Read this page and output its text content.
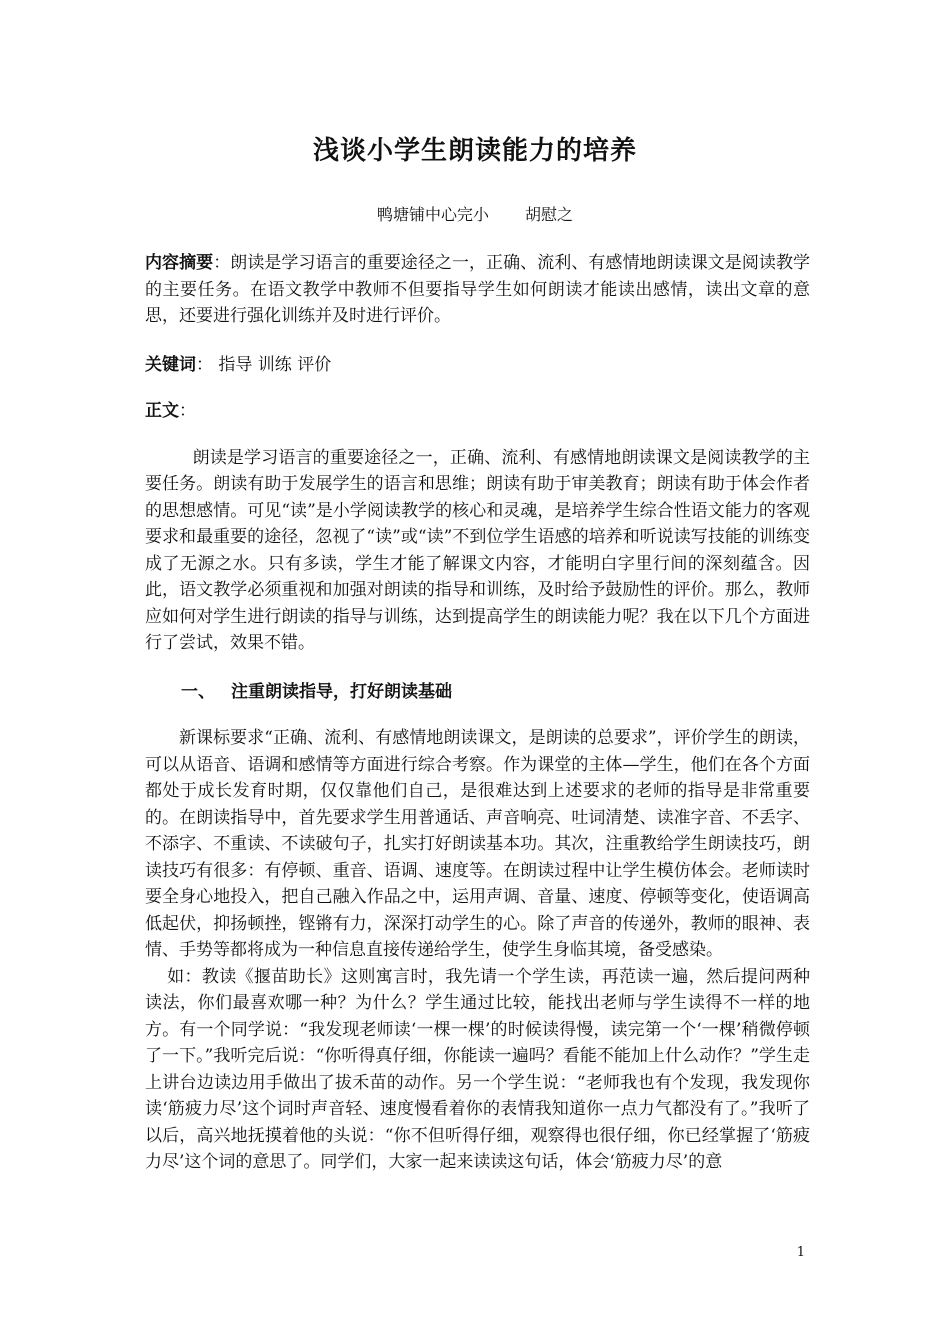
浅谈小学生朗读能力的培养
鸭塘铺中心完小 胡慰之

内容摘要：朗读是学习语言的重要途径之一，正确、流利、有感情地朗读课文是阅读教学的主要任务。在语文教学中教师不但要指导学生如何朗读才能读出感情，读出文章的意思，还要进行强化训练并及时进行评价。

关键词： 指导 训练 评价

正文：

朗读是学习语言的重要途径之一，正确、流利、有感情地朗读课文是阅读教学的主要任务。朗读有助于发展学生的语言和思维；朗读有助于审美教育；朗读有助于体会作者的思想感情。可见“读”是小学阅读教学的核心和灵魂，是培养学生综合性语文能力的客观要求和最重要的途径，忽视了“读”或“读”不到位学生语感的培养和听说读写技能的训练变成了无源之水。只有多读，学生才能了解课文内容，才能明白字里行间的深刻蕴含。因此，语文教学必须重视和加强对朗读的指导和训练，及时给予鼓励性的评价。那么，教师应如何对学生进行朗读的指导与训练，达到提高学生的朗读能力呢？我在以下几个方面进行了尝试，效果不错。

一、 注重朗读指导，打好朗读基础

新课标要求“正确、流利、有感情地朗读课文，是朗读的总要求”，评价学生的朗读，可以从语音、语调和感情等方面进行综合考察。作为课堂的主体—学生，他们在各个方面都处于成长发育时期，仅仅靠他们自己，是很难达到上述要求的老师的指导是非常重要的。在朗读指导中，首先要求学生用普通话、声音响亮、吐词清楚、读准字音、不丢字、不添字、不重读、不读破句子，扎实打好朗读基本功。其次，注重教给学生朗读技巧，朗读技巧有很多：有停顿、重音、语调、速度等。在朗读过程中让学生模仿体会。老师读时要全身心地投入，把自己融入作品之中，运用声调、音量、速度、停顿等变化，使语调高低起伏，抑扬顿挫，铿锵有力，深深打动学生的心。除了声音的传递外，教师的眼神、表情、手势等都将成为一种信息直接传递给学生，使学生身临其境，备受感染。

如：教读《揠苗助长》这则寓言时，我先请一个学生读，再范读一遍，然后提问两种读法，你们最喜欢哪一种？为什么？学生通过比较，能找出老师与学生读得不一样的地方。有一个同学说：“我发现老师读‘一棵一棵’的时候读得慢，读完第一个‘一棵’稍微停顿了一下。”我听完后说：“你听得真仔细，你能读一遍吗？看能不能加上什么动作？”学生走上讲台边读边用手做出了拔禾苗的动作。另一个学生说：“老师我也有个发现，我发现你读‘筋疲力尽’这个词时声音轻、速度慢看着你的表情我知道你一点力气都没有了。”我听了以后，高兴地抚摸着他的头说：“你不但听得仔细，观察得也很仔细，你已经掌握了‘筋疲力尽’这个词的意思了。同学们，大家一起来读读这句话，体会‘筋疲力尽’的意

1
